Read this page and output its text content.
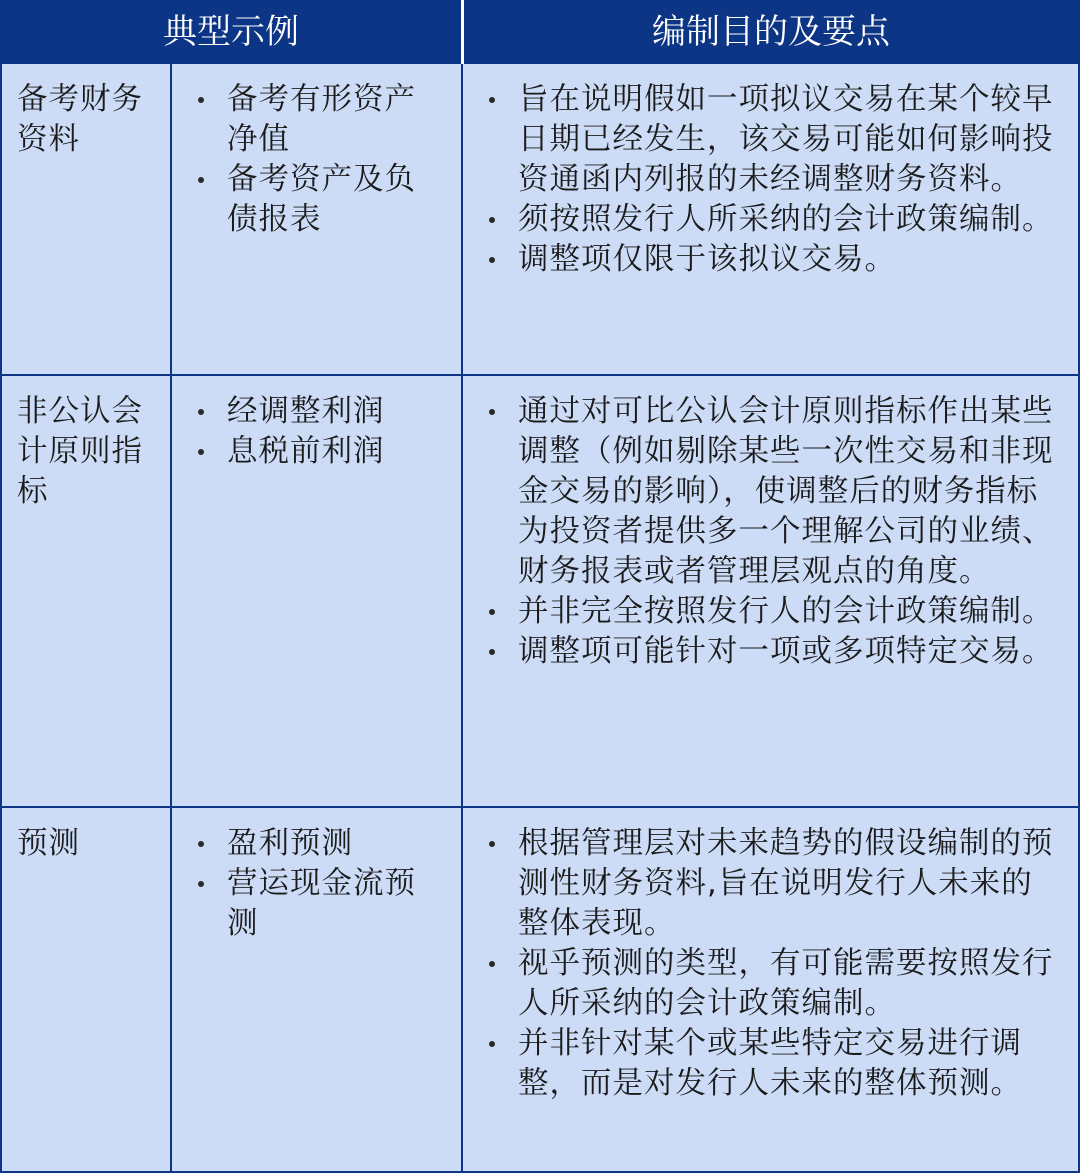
典型示例	编制目的及要点
备考财务资料
备考有形资产净值
备考资产及负债报表
旨在说明假如一项拟议交易在某个较早日期已经发生，该交易可能如何影响投资通函内列报的未经调整财务资料。
须按照发行人所采纳的会计政策编制。
调整项仅限于该拟议交易。
非公认会计原则指标
经调整利润
息税前利润
通过对可比公认会计原则指标作出某些调整（例如剔除某些一次性交易和非现金交易的影响），使调整后的财务指标为投资者提供多一个理解公司的业绩、财务报表或者管理层观点的角度。
并非完全按照发行人的会计政策编制。
调整项可能针对一项或多项特定交易。
预测	盈利预测
营运现金流预测
根据管理层对未来趋势的假设编制的预测性财务资料,旨在说明发行人未来的整体表现。
视乎预测的类型，有可能需要按照发行人所采纳的会计政策编制。
并非针对某个或某些特定交易进行调整，而是对发行人未来的整体预测。
